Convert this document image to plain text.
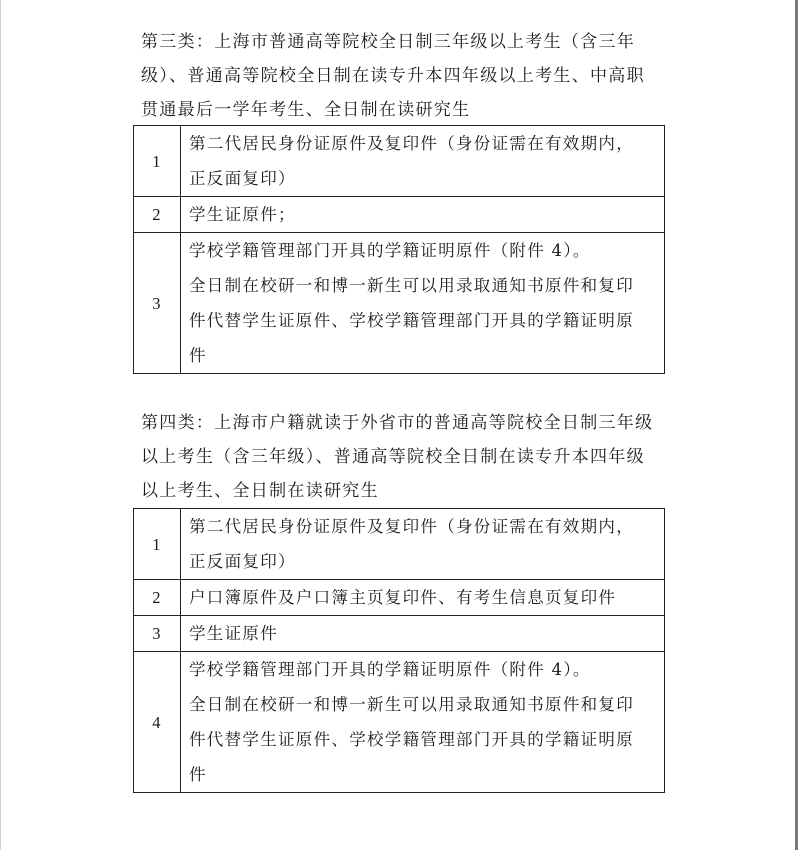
第三类：上海市普通高等院校全日制三年级以上考生（含三年
级）、普通高等院校全日制在读专升本四年级以上考生、中高职
贯通最后一学年考生、全日制在读研究生

1	第二代居民身份证原件及复印件（身份证需在有效期内，
正反面复印）

2	学生证原件；

3	学校学籍管理部门开具的学籍证明原件（附件 4）。
全日制在校研一和博一新生可以用录取通知书原件和复印
件代替学生证原件、学校学籍管理部门开具的学籍证明原
件

第四类：上海市户籍就读于外省市的普通高等院校全日制三年级
以上考生（含三年级）、普通高等院校全日制在读专升本四年级
以上考生、全日制在读研究生

1	第二代居民身份证原件及复印件（身份证需在有效期内，
正反面复印）

2	户口簿原件及户口簿主页复印件、有考生信息页复印件

3	学生证原件

4	学校学籍管理部门开具的学籍证明原件（附件 4）。
全日制在校研一和博一新生可以用录取通知书原件和复印
件代替学生证原件、学校学籍管理部门开具的学籍证明原
件
